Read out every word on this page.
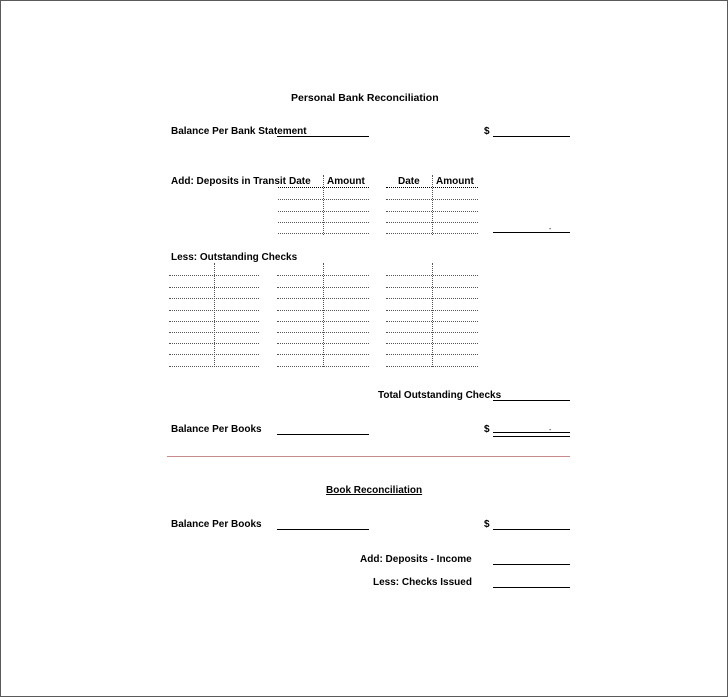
Personal Bank Reconciliation
Balance Per Bank Statement	$
Add: Deposits in Transit Date Amount	Date Amount
-
Less: Outstanding Checks
Total Outstanding Checks
Balance Per Books	$	-
Book Reconciliation
Balance Per Books	$
Add: Deposits - Income
Less: Checks Issued
